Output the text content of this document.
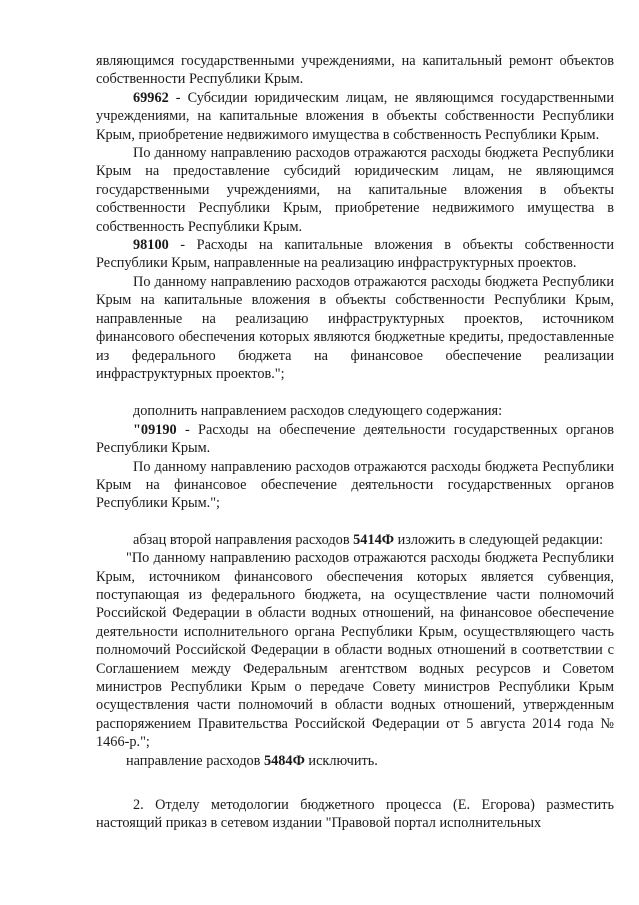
являющимся государственными учреждениями, на капитальный ремонт объектов собственности Республики Крым.

69962 - Субсидии юридическим лицам, не являющимся государственными учреждениями, на капитальные вложения в объекты собственности Республики Крым, приобретение недвижимого имущества в собственность Республики Крым.

По данному направлению расходов отражаются расходы бюджета Республики Крым на предоставление субсидий юридическим лицам, не являющимся государственными учреждениями, на капитальные вложения в объекты собственности Республики Крым, приобретение недвижимого имущества в собственность Республики Крым.

98100 - Расходы на капитальные вложения в объекты собственности Республики Крым, направленные на реализацию инфраструктурных проектов.

По данному направлению расходов отражаются расходы бюджета Республики Крым на капитальные вложения в объекты собственности Республики Крым, направленные на реализацию инфраструктурных проектов, источником финансового обеспечения которых являются бюджетные кредиты, предоставленные из федерального бюджета на финансовое обеспечение реализации инфраструктурных проектов.";

дополнить направлением расходов следующего содержания:

"09190 - Расходы на обеспечение деятельности государственных органов Республики Крым.

По данному направлению расходов отражаются расходы бюджета Республики Крым на финансовое обеспечение деятельности государственных органов Республики Крым.";

абзац второй направления расходов 5414Ф изложить в следующей редакции:

"По данному направлению расходов отражаются расходы бюджета Республики Крым, источником финансового обеспечения которых является субвенция, поступающая из федерального бюджета, на осуществление части полномочий Российской Федерации в области водных отношений, на финансовое обеспечение деятельности исполнительного органа Республики Крым, осуществляющего часть полномочий Российской Федерации в области водных отношений в соответствии с Соглашением между Федеральным агентством водных ресурсов и Советом министров Республики Крым о передаче Совету министров Республики Крым осуществления части полномочий в области водных отношений, утвержденным распоряжением Правительства Российской Федерации от 5 августа 2014 года № 1466-р.";

направление расходов 5484Ф исключить.

2. Отделу методологии бюджетного процесса (Е. Егорова) разместить настоящий приказ в сетевом издании "Правовой портал исполнительных
